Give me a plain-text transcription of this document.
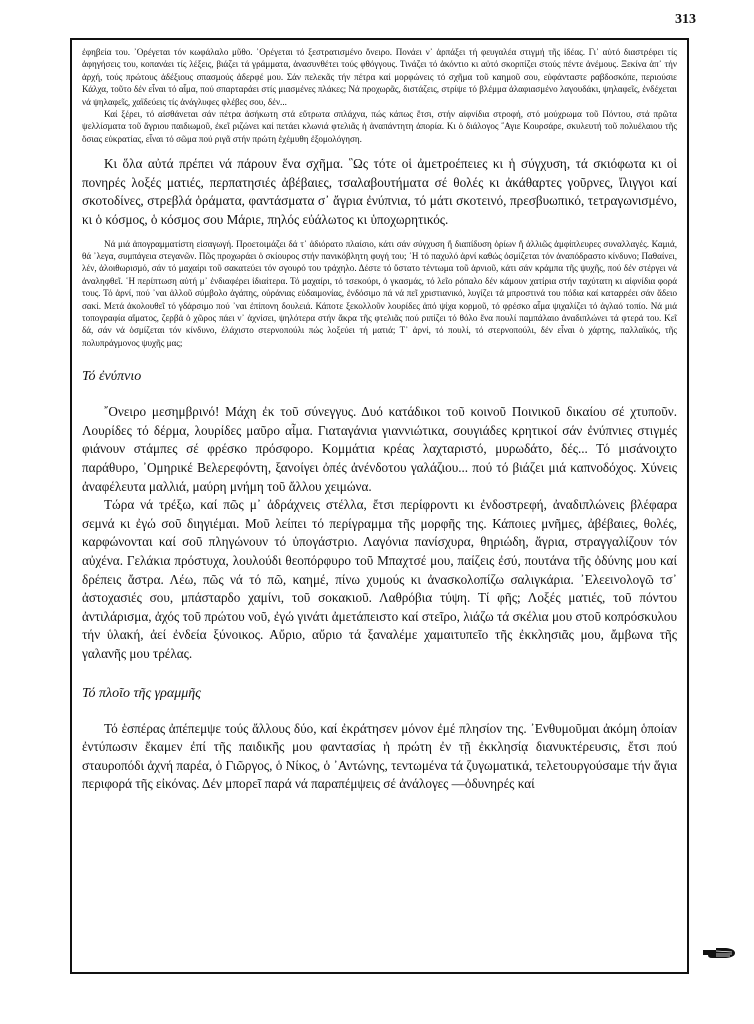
313

ἐφηβεία του. ᾽Ορέγεται τόν κωφάλαλο μῦθο. ᾽Ορέγεται τό ξεστρατισμένο ὄνειρο. Πονάει ν᾽ ἁρπάξει τή φευγαλέα στιγμή τῆς ἰδέας. Γι᾽ αὐτό διαστρέφει τίς ἀφηγήσεις του, κοπανάει τίς λέξεις, βιάζει τά γράμματα, ἀνασυνθέτει τούς φθόγγους. Τινάζει τό ἀκόντιο κι αὐτό σκορπίζει στούς πέντε ἀνέμους. Ξεκίνα ἀπ᾽ τήν ἀρχή, τούς πρώτους ἀδέξιους σπασμούς ἀδερφέ μου. Σάν πελεκᾶς τήν πέτρα καί μορφώνεις τό σχῆμα τοῦ καημοῦ σου, εὐφάνταστε ραβδοσκόπε, περιούσιε Κάλχα, τοῦτο δέν εἶναι τό αἷμα, πού σπαρταράει στίς μιασμένες πλάκες; Νά προχωρᾶς, διστάζεις, στρίψε τό βλέμμα ἀλαφιασμένο λαγουδάκι, ψηλαφεῖς, ἐνδέχεται νά ψηλαφεῖς, χαϊδεύεις τίς ἀνάγλυφες φλέβες σου, δέν...

Καί ξέρει, τό αἰσθάνεται σάν πέτρα ἀσήκωτη στά εὔτρωτα σπλάχνα, πώς κάπως ἔτσι, στήν αἰφνίδια στροφή, στό μούχρωμα τοῦ Πόντου, στά πρῶτα ψελλίσματα τοῦ ἄγριου παιδιωμοῦ, ἐκεῖ ριζώνει καί πετάει κλωνιά φτελιᾶς ἡ ἀναπάντητη ἀπορία. Κι ὁ διάλογος ῞Αγιε Κουρσάρε, σκυλευτή τοῦ πολυέλαιου τῆς ὅσιας εὐκρατίας, εἶναι τό σῶμα πού ριγᾶ στήν πρώτη ἐχέμυθη ἐξομολόγηση.

Κι ὅλα αὐτά πρέπει νά πάρουν ἕνα σχῆμα. ῝Ως τότε οἱ ἀμετροέπειες κι ἡ σύγχυση, τά σκιόφωτα κι οἱ πονηρές λοξές ματιές, περπατησιές ἀβέβαιες, τσαλαβουτήματα σέ θολές κι ἀκάθαρτες γοῦρνες, ἴλιγγοι καί σκοτοδίνες, στρεβλά ὁράματα, φαντάσματα σ᾽ ἄγρια ἐνύπνια, τό μάτι σκοτεινό, πρεσβυωπικό, τετραγωνισμένο, κι ὁ κόσμος, ὁ κόσμος σου Μάριε, πηλός εὐάλωτος κι ὑποχωρητικός.

Νά μιά ἀπογραμματίστη εἰσαγωγή. Προετοιμάζει δά τ᾽ ἀδιόρατο πλαίσιο, κάτι σάν σύγχυση ἤ διαπίδυση ὁρίων ἤ ἀλλιῶς ἀμφίπλευρες συναλλαγές. Καμιά, θά ᾽λεγα, συμπάγεια στεγανῶν. Πῶς προχωράει ὁ σκίουρος στήν πανικόβλητη φυγή του; ῾Η τό παχυλό ἀρνί καθώς ὀσμίζεται τόν ἀναπόδραστο κίνδυνο; Παθαίνει, λέν, ἀλοιθωρισμό, σάν τό μαχαίρι τοῦ σακατεύει τόν σγουρό του τράχηλο. Δέστε τό ὕστατο τέντωμα τοῦ ἀρνιοῦ, κάτι σάν κράμπα τῆς ψυχῆς, πού δέν στέργει νά ἀναληφθεῖ. ῾Η περίπτωση αὐτή μ᾽ ἐνδιαφέρει ἰδιαίτερα. Τό μαχαίρι, τό τσεκούρι, ὁ γκασμάς, τό λεῖο ρόπαλο δέν κάμουν χατίρια στήν ταχύτατη κι αἰφνίδια φορά τους. Τό ἀρνί, πού ᾽ναι ἀλλοῦ σύμβολο ἀγάπης, οὐράνιας εὐδαιμονίας, ἐνδόσιμο πά νά πεῖ χριστιανικό, λυγίζει τά μπροστινά του πόδια καί καταρρέει σάν ἄδειο σακί. Μετά ἀκολουθεῖ τό γδάρσιμο πού ᾽ναι ἐπίπονη δουλειά. Κάποτε ξεκολλοῦν λουρίδες ἀπό ψίχα κορμοῦ, τό φρέσκο αἷμα ψιχαλίζει τό ἀγλαό τοπίο. Νά μιά τοπογραφία αἵματος, ζερβά ὁ χῶρος πάει ν᾽ ἀχνίσει, ψηλότερα στήν ἄκρα τῆς φτελιᾶς πού ριπίζει τό θόλο ἕνα πουλί παμπάλαιο ἀναδιπλώνει τά φτερά του. Κεῖ δά, σάν νά ὀσμίζεται τόν κίνδυνο, ἐλάχιστο στερνοπούλι πώς λοξεύει τή ματιά; Τ᾽ ἀρνί, τό πουλί, τό στερνοπούλι, δέν εἶναι ὁ χάρτης, παλλαϊκός, τῆς πολυπράγμονος ψυχῆς μας;

Τό ἐνύπνιο

῎Ονειρο μεσημβρινό! Μάχη ἐκ τοῦ σύνεγγυς. Δυό κατάδικοι τοῦ κοινοῦ Ποινικοῦ δικαίου σέ χτυποῦν. Λουρίδες τό δέρμα, λουρίδες μαῦρο αἷμα. Γιαταγάνια γιαννιώτικα, σουγιάδες κρητικοί σάν ἐνύπνιες στιγμές φιάνουν στάμπες σέ φρέσκο πρόσφορο. Κομμάτια κρέας λαχταριστό, μυρωδάτο, δές... Τό μισάνοιχτο παράθυρο, ᾽Ομηρικέ Βελερεφόντη, ξανοίγει ὀπές ἀνένδοτου γαλάζιου... πού τό βιάζει μιά καπνοδόχος. Χύνεις ἀναφέλευτα μαλλιά, μαύρη μνήμη τοῦ ἄλλου χειμώνα.

Τώρα νά τρέξω, καί πῶς μ᾽ ἀδράχνεις στέλλα, ἔτσι περίφροντι κι ἐνδοστρεφή, ἀναδιπλώνεις βλέφαρα σεμνά κι ἐγώ σοῦ διηγιέμαι. Μοῦ λείπει τό περίγραμμα τῆς μορφῆς της. Κάποιες μνῆμες, ἀβέβαιες, θολές, καρφώνονται καί σοῦ πληγώνουν τό ὑπογάστριο. Λαγόνια πανίσχυρα, θηριώδη, ἄγρια, στραγγαλίζουν τόν αὐχένα. Γελάκια πρόστυχα, λουλούδι θεοπόρφυρο τοῦ Μπαχτσέ μου, παίζεις ἐσύ, πουτάνα τῆς ὀδύνης μου καί δρέπεις ἄστρα. Λέω, πῶς νά τό πῶ, καημέ, πίνω χυμούς κι ἀνασκολοπίζω σαλιγκάρια. ᾽Ελεεινολογῶ τσ᾽ ἀστοχασιές σου, μπάσταρδο χαμίνι, τοῦ σοκακιοῦ. Λαθρόβια τύψη. Τί φῆς; Λοξές ματιές, τοῦ πόντου ἀντιλάρισμα, ἀχός τοῦ πρώτου νοῦ, ἐγώ γινάτι ἀμετάπειστο καί στεῖρο, λιάζω τά σκέλια μου στοῦ κοπρόσκυλου τήν ὑλακή, ἀεί ἐνδεία ξύνοικος. Αὔριο, αὔριο τά ξαναλέμε χαμαιτυπεῖο τῆς ἐκκλησιᾶς μου, ἄμβωνα τῆς γαλανῆς μου τρέλας.

Τό πλοῖο τῆς γραμμῆς

Τό ἑσπέρας ἀπέπεμψε τούς ἄλλους δύο, καί ἐκράτησεν μόνον ἐμέ πλησίον της. ᾽Ενθυμοῦμαι ἀκόμη ὁποίαν ἐντύπωσιν ἔκαμεν ἐπί τῆς παιδικῆς μου φαντασίας ἡ πρώτη ἐν τῇ ἐκκλησίᾳ διανυκτέρευσις, ἔτσι πού σταυροπόδι ἀχνή παρέα, ὁ Γιῶργος, ὁ Νίκος, ὁ ᾽Αντώνης, τεντωμένα τά ζυγωματικά, τελετουργούσαμε τήν ἅγια περιφορά τῆς εἰκόνας. Δέν μπορεῖ παρά νά παραπέμψεις σέ ἀνάλογες —ὀδυνηρές καί
